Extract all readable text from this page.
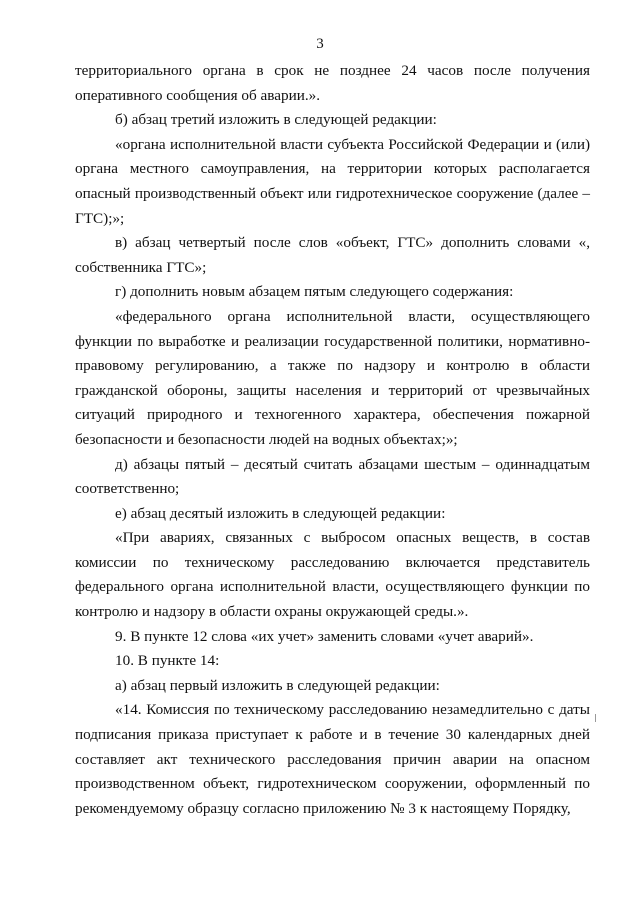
3

территориального органа в срок не позднее 24 часов после получения оперативного сообщения об аварии.».

б) абзац третий изложить в следующей редакции:

«органа исполнительной власти субъекта Российской Федерации и (или) органа местного самоуправления, на территории которых располагается опасный производственный объект или гидротехническое сооружение (далее – ГТС);»;

в) абзац четвертый после слов «объект, ГТС» дополнить словами «, собственника ГТС»;

г) дополнить новым абзацем пятым следующего содержания:

«федерального органа исполнительной власти, осуществляющего функции по выработке и реализации государственной политики, нормативно-правовому регулированию, а также по надзору и контролю в области гражданской обороны, защиты населения и территорий от чрезвычайных ситуаций природного и техногенного характера, обеспечения пожарной безопасности и безопасности людей на водных объектах;»;

д) абзацы пятый – десятый считать абзацами шестым – одиннадцатым соответственно;

е) абзац десятый изложить в следующей редакции:

«При авариях, связанных с выбросом опасных веществ, в состав комиссии по техническому расследованию включается представитель федерального органа исполнительной власти, осуществляющего функции по контролю и надзору в области охраны окружающей среды.».

9. В пункте 12 слова «их учет» заменить словами «учет аварий».

10. В пункте 14:

а) абзац первый изложить в следующей редакции:

«14. Комиссия по техническому расследованию незамедлительно с даты подписания приказа приступает к работе и в течение 30 календарных дней составляет акт технического расследования причин аварии на опасном производственном объект, гидротехническом сооружении, оформленный по рекомендуемому образцу согласно приложению № 3 к настоящему Порядку,
